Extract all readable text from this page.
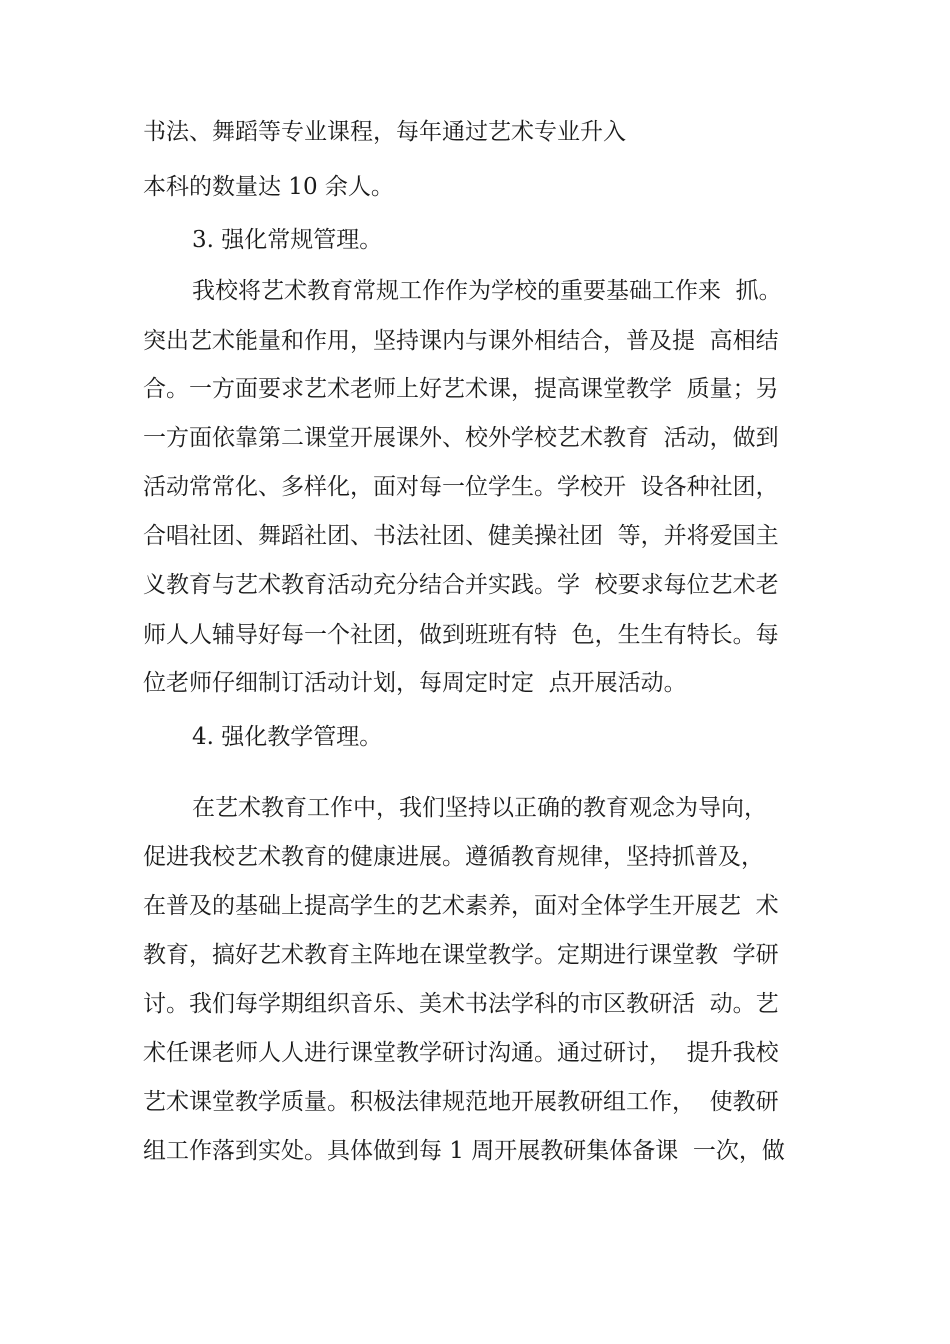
书法、舞蹈等专业课程，每年通过艺术专业升入
本科的数量达 10 余人。
3. 强化常规管理。
我校将艺术教育常规工作作为学校的重要基础工作来  抓。
突出艺术能量和作用，坚持课内与课外相结合，普及提  高相结
合。一方面要求艺术老师上好艺术课，提高课堂教学  质量；另
一方面依靠第二课堂开展课外、校外学校艺术教育  活动，做到
活动常常化、多样化，面对每一位学生。学校开  设各种社团，
合唱社团、舞蹈社团、书法社团、健美操社团  等，并将爱国主
义教育与艺术教育活动充分结合并实践。学  校要求每位艺术老
师人人辅导好每一个社团，做到班班有特  色，生生有特长。每
位老师仔细制订活动计划，每周定时定  点开展活动。
4. 强化教学管理。
在艺术教育工作中，我们坚持以正确的教育观念为导向，
促进我校艺术教育的健康进展。遵循教育规律，坚持抓普及，
在普及的基础上提高学生的艺术素养，面对全体学生开展艺  术
教育，搞好艺术教育主阵地在课堂教学。定期进行课堂教  学研
讨。我们每学期组织音乐、美术书法学科的市区教研活  动。艺
术任课老师人人进行课堂教学研讨沟通。通过研讨，  提升我校
艺术课堂教学质量。积极法律规范地开展教研组工作，  使教研
组工作落到实处。具体做到每 1 周开展教研集体备课  一次，做
